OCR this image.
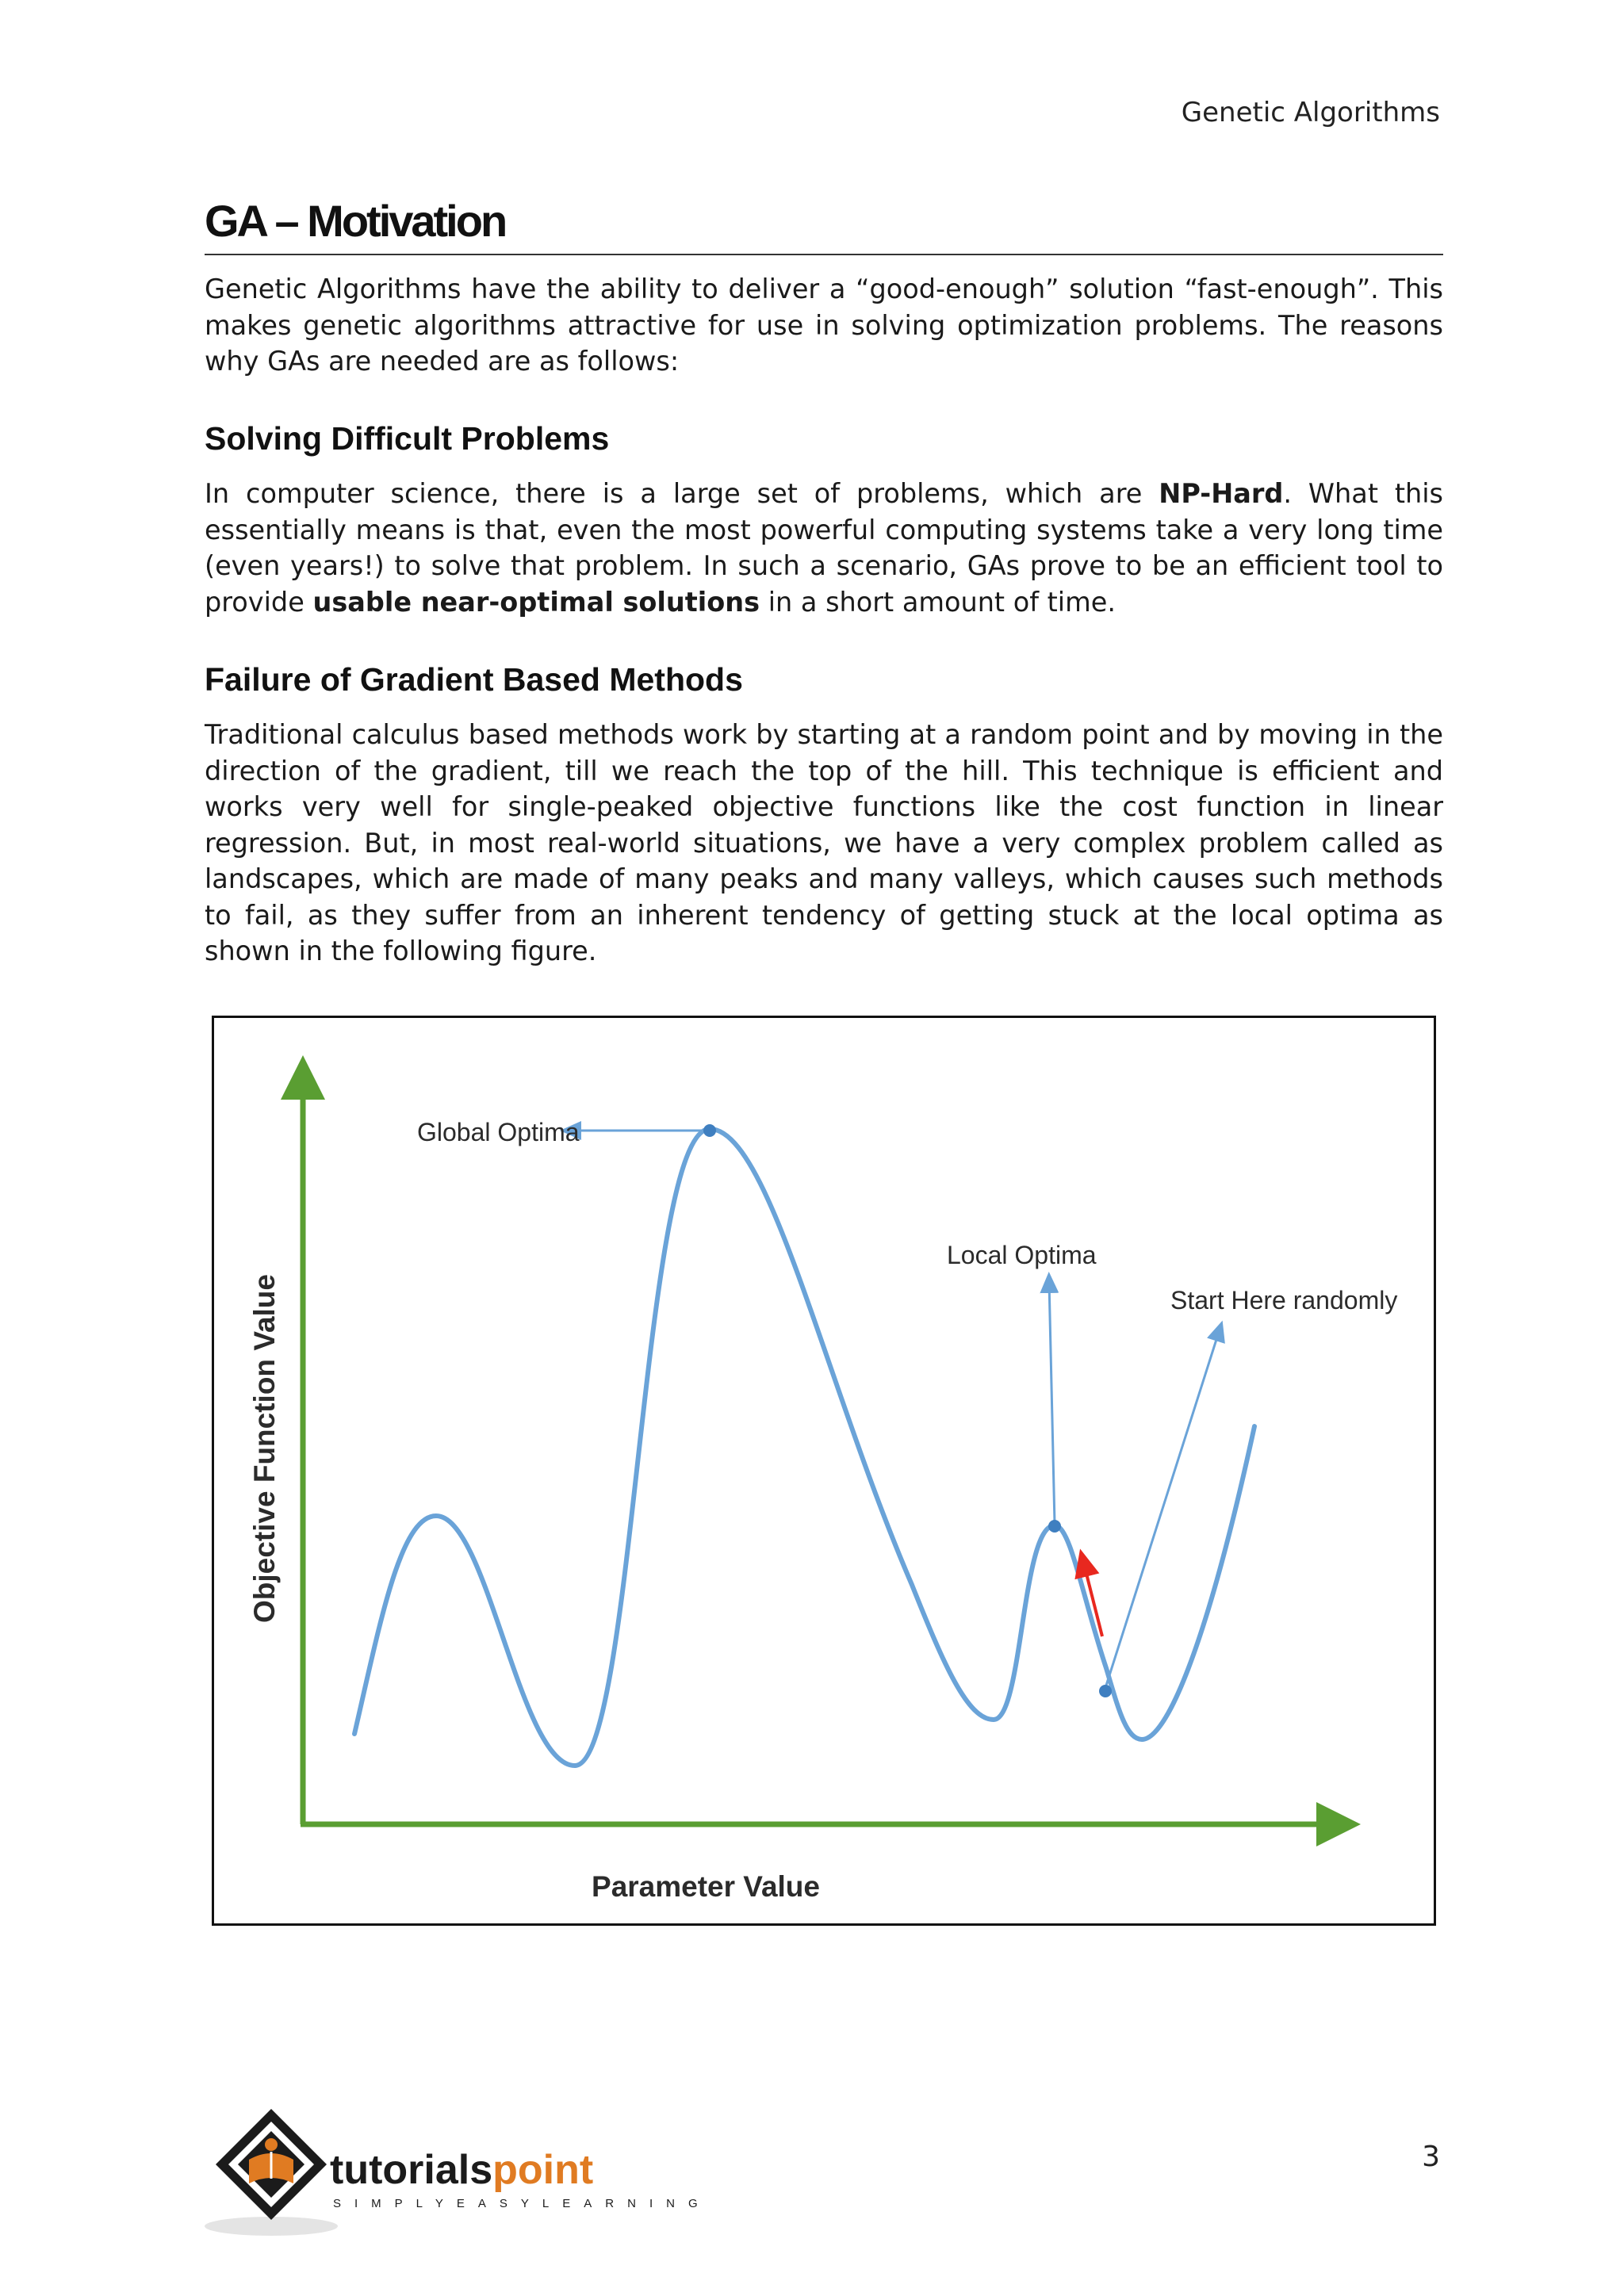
Genetic Algorithms
GA – Motivation

Genetic Algorithms have the ability to deliver a “good-enough” solution “fast-enough”. This makes genetic algorithms attractive for use in solving optimization problems. The reasons why GAs are needed are as follows:

Solving Difficult Problems

In computer science, there is a large set of problems, which are NP-Hard. What this essentially means is that, even the most powerful computing systems take a very long time (even years!) to solve that problem. In such a scenario, GAs prove to be an efficient tool to provide usable near-optimal solutions in a short amount of time.

Failure of Gradient Based Methods

Traditional calculus based methods work by starting at a random point and by moving in the direction of the gradient, till we reach the top of the hill. This technique is efficient and works very well for single-peaked objective functions like the cost function in linear regression. But, in most real-world situations, we have a very complex problem called as landscapes, which are made of many peaks and many valleys, which causes such methods to fail, as they suffer from an inherent tendency of getting stuck at the local optima as shown in the following figure.

Objective Function Value
Parameter Value
Global Optima
Local Optima
Start Here randomly
tutorialspoint
SIMPLYEASYLEARNING
3
